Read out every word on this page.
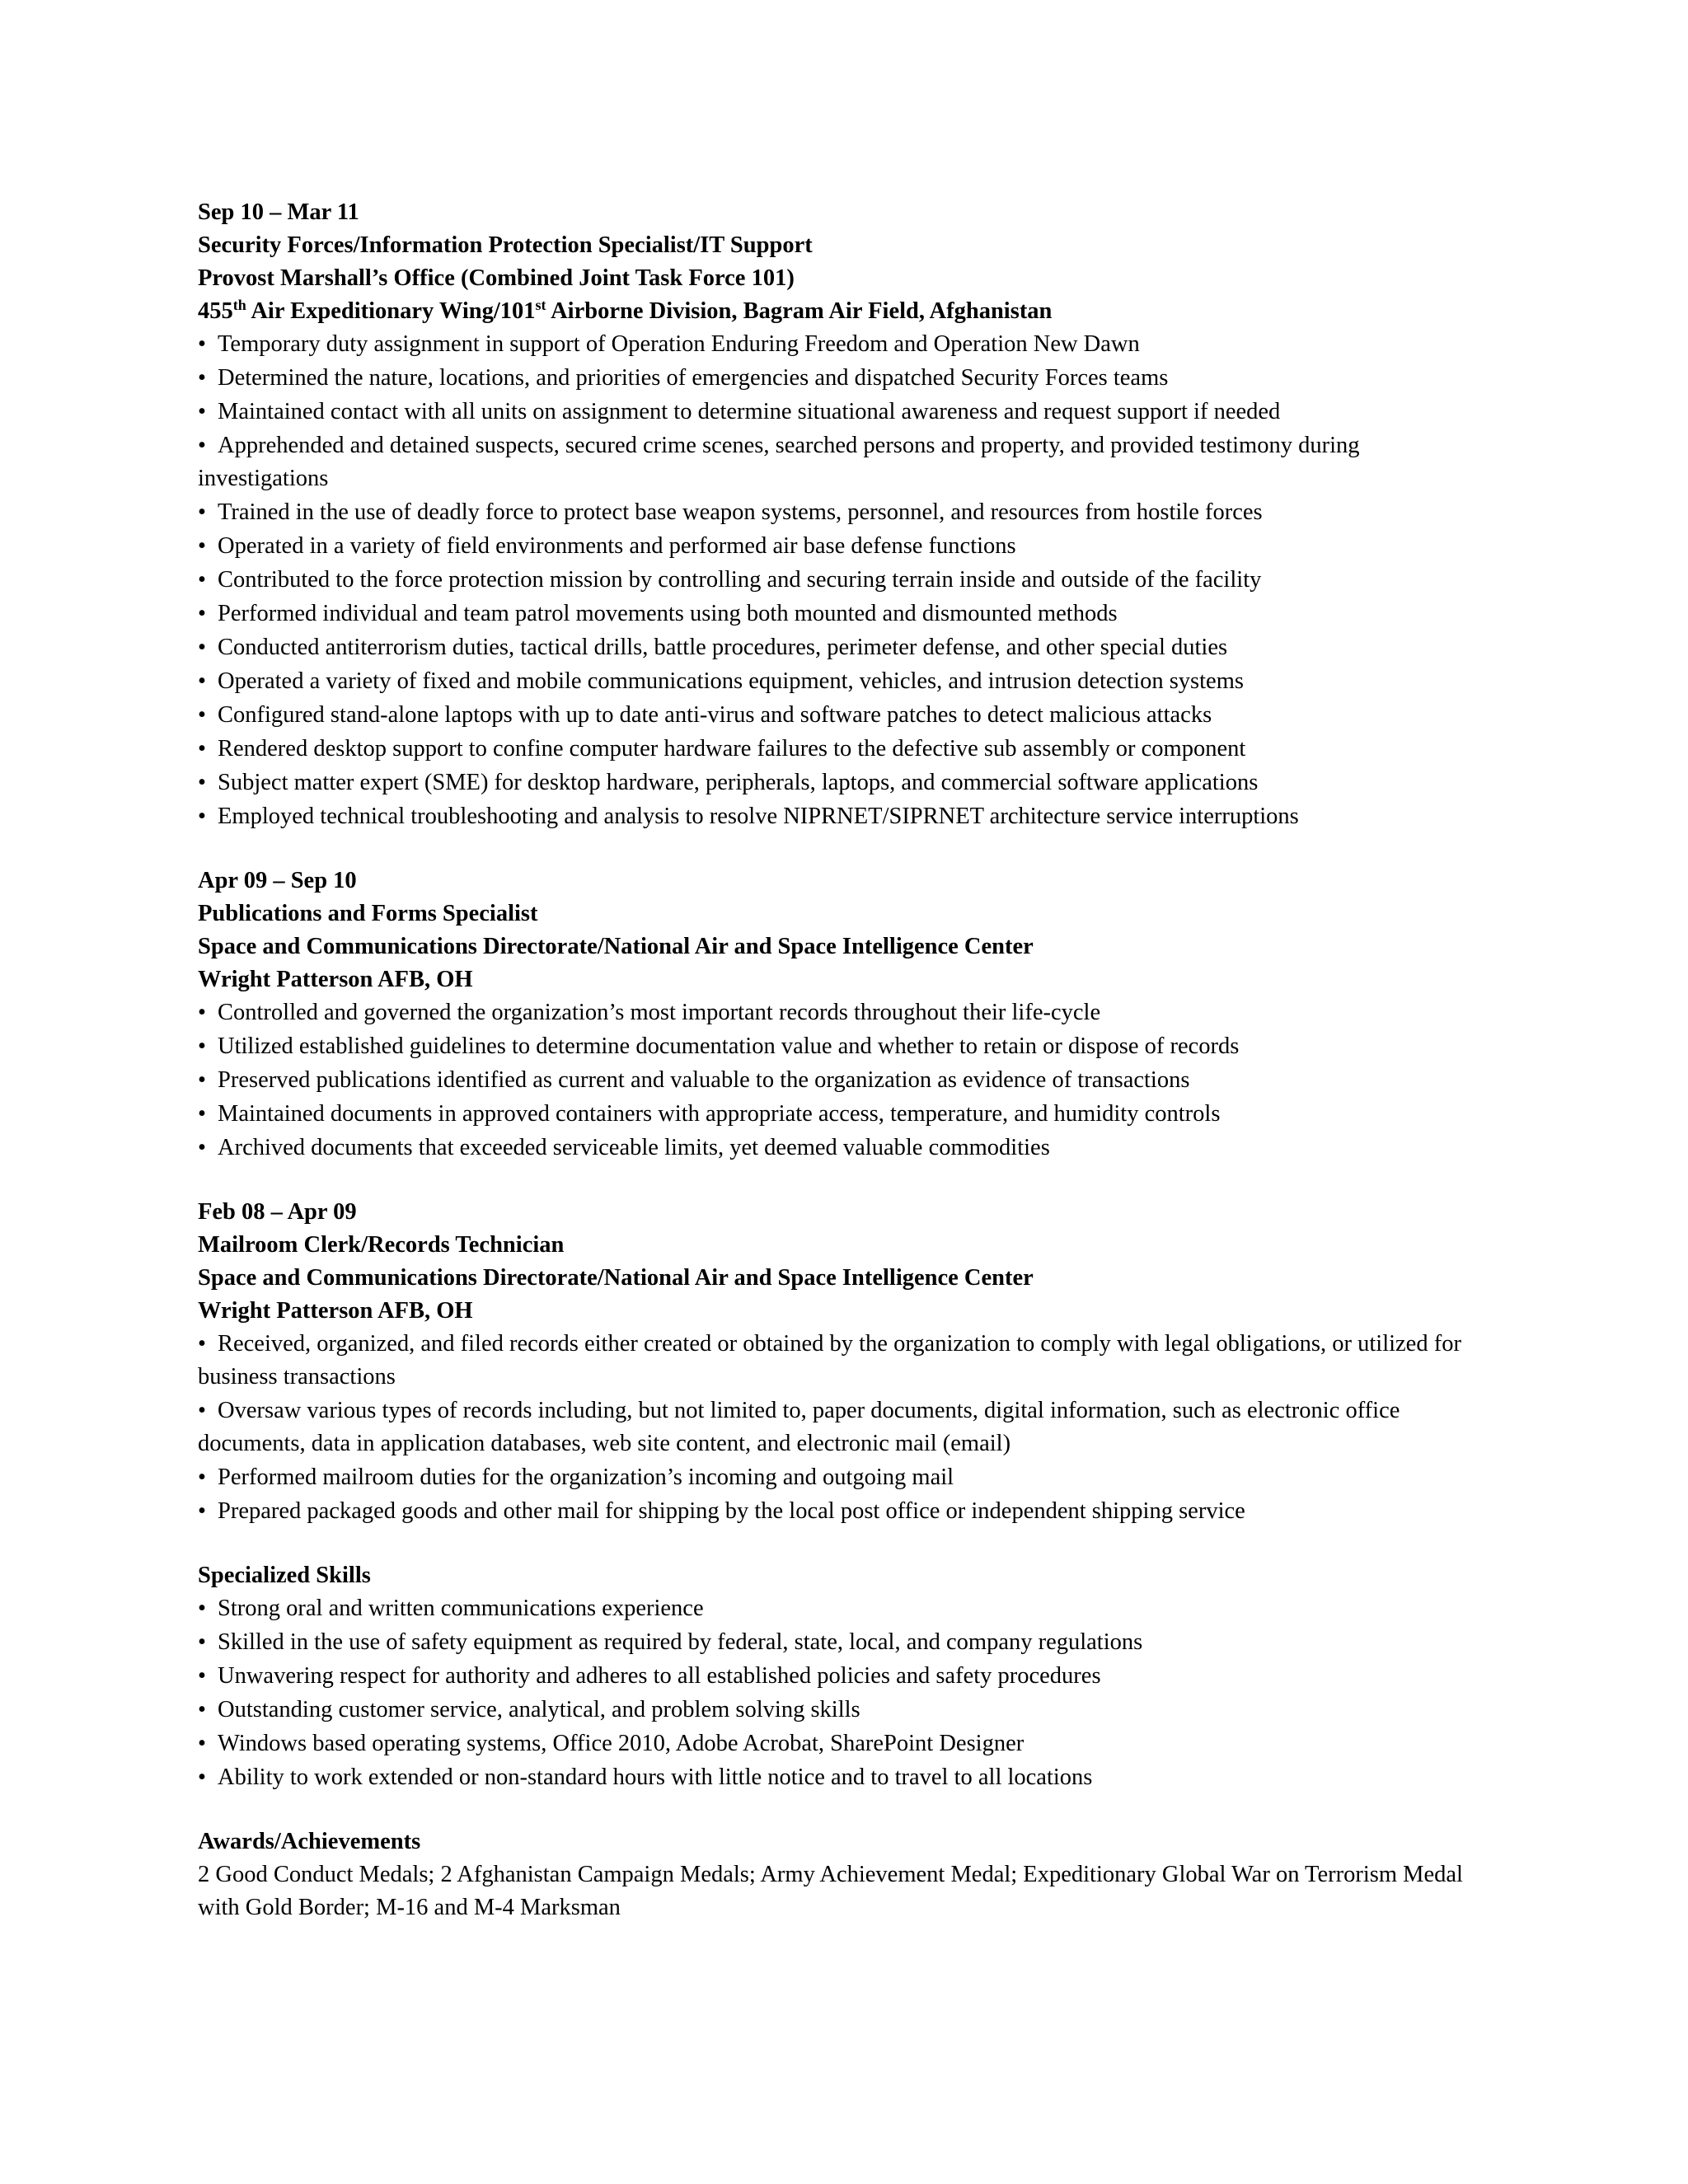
Sep 10 – Mar 11

Security Forces/Information Protection Specialist/IT Support

Provost Marshall’s Office (Combined Joint Task Force 101)

455th Air Expeditionary Wing/101st Airborne Division, Bagram Air Field, Afghanistan

• Temporary duty assignment in support of Operation Enduring Freedom and Operation New Dawn
• Determined the nature, locations, and priorities of emergencies and dispatched Security Forces teams
• Maintained contact with all units on assignment to determine situational awareness and request support if needed
• Apprehended and detained suspects, secured crime scenes, searched persons and property, and provided testimony during investigations
• Trained in the use of deadly force to protect base weapon systems, personnel, and resources from hostile forces
• Operated in a variety of field environments and performed air base defense functions
• Contributed to the force protection mission by controlling and securing terrain inside and outside of the facility
• Performed individual and team patrol movements using both mounted and dismounted methods
• Conducted antiterrorism duties, tactical drills, battle procedures, perimeter defense, and other special duties
• Operated a variety of fixed and mobile communications equipment, vehicles, and intrusion detection systems
• Configured stand-alone laptops with up to date anti-virus and software patches to detect malicious attacks
• Rendered desktop support to confine computer hardware failures to the defective sub assembly or component
• Subject matter expert (SME) for desktop hardware, peripherals, laptops, and commercial software applications
• Employed technical troubleshooting and analysis to resolve NIPRNET/SIPRNET architecture service interruptions

Apr 09 – Sep 10

Publications and Forms Specialist

Space and Communications Directorate/National Air and Space Intelligence Center

Wright Patterson AFB, OH

• Controlled and governed the organization’s most important records throughout their life-cycle
• Utilized established guidelines to determine documentation value and whether to retain or dispose of records
• Preserved publications identified as current and valuable to the organization as evidence of transactions
• Maintained documents in approved containers with appropriate access, temperature, and humidity controls
• Archived documents that exceeded serviceable limits, yet deemed valuable commodities

Feb 08 – Apr 09

Mailroom Clerk/Records Technician

Space and Communications Directorate/National Air and Space Intelligence Center

Wright Patterson AFB, OH

• Received, organized, and filed records either created or obtained by the organization to comply with legal obligations, or utilized for business transactions
• Oversaw various types of records including, but not limited to, paper documents, digital information, such as electronic office documents, data in application databases, web site content, and electronic mail (email)
• Performed mailroom duties for the organization’s incoming and outgoing mail
• Prepared packaged goods and other mail for shipping by the local post office or independent shipping service

Specialized Skills

• Strong oral and written communications experience
• Skilled in the use of safety equipment as required by federal, state, local, and company regulations
• Unwavering respect for authority and adheres to all established policies and safety procedures
• Outstanding customer service, analytical, and problem solving skills
• Windows based operating systems, Office 2010, Adobe Acrobat, SharePoint Designer
• Ability to work extended or non-standard hours with little notice and to travel to all locations

Awards/Achievements

2 Good Conduct Medals; 2 Afghanistan Campaign Medals; Army Achievement Medal; Expeditionary Global War on Terrorism Medal with Gold Border; M-16 and M-4 Marksman
